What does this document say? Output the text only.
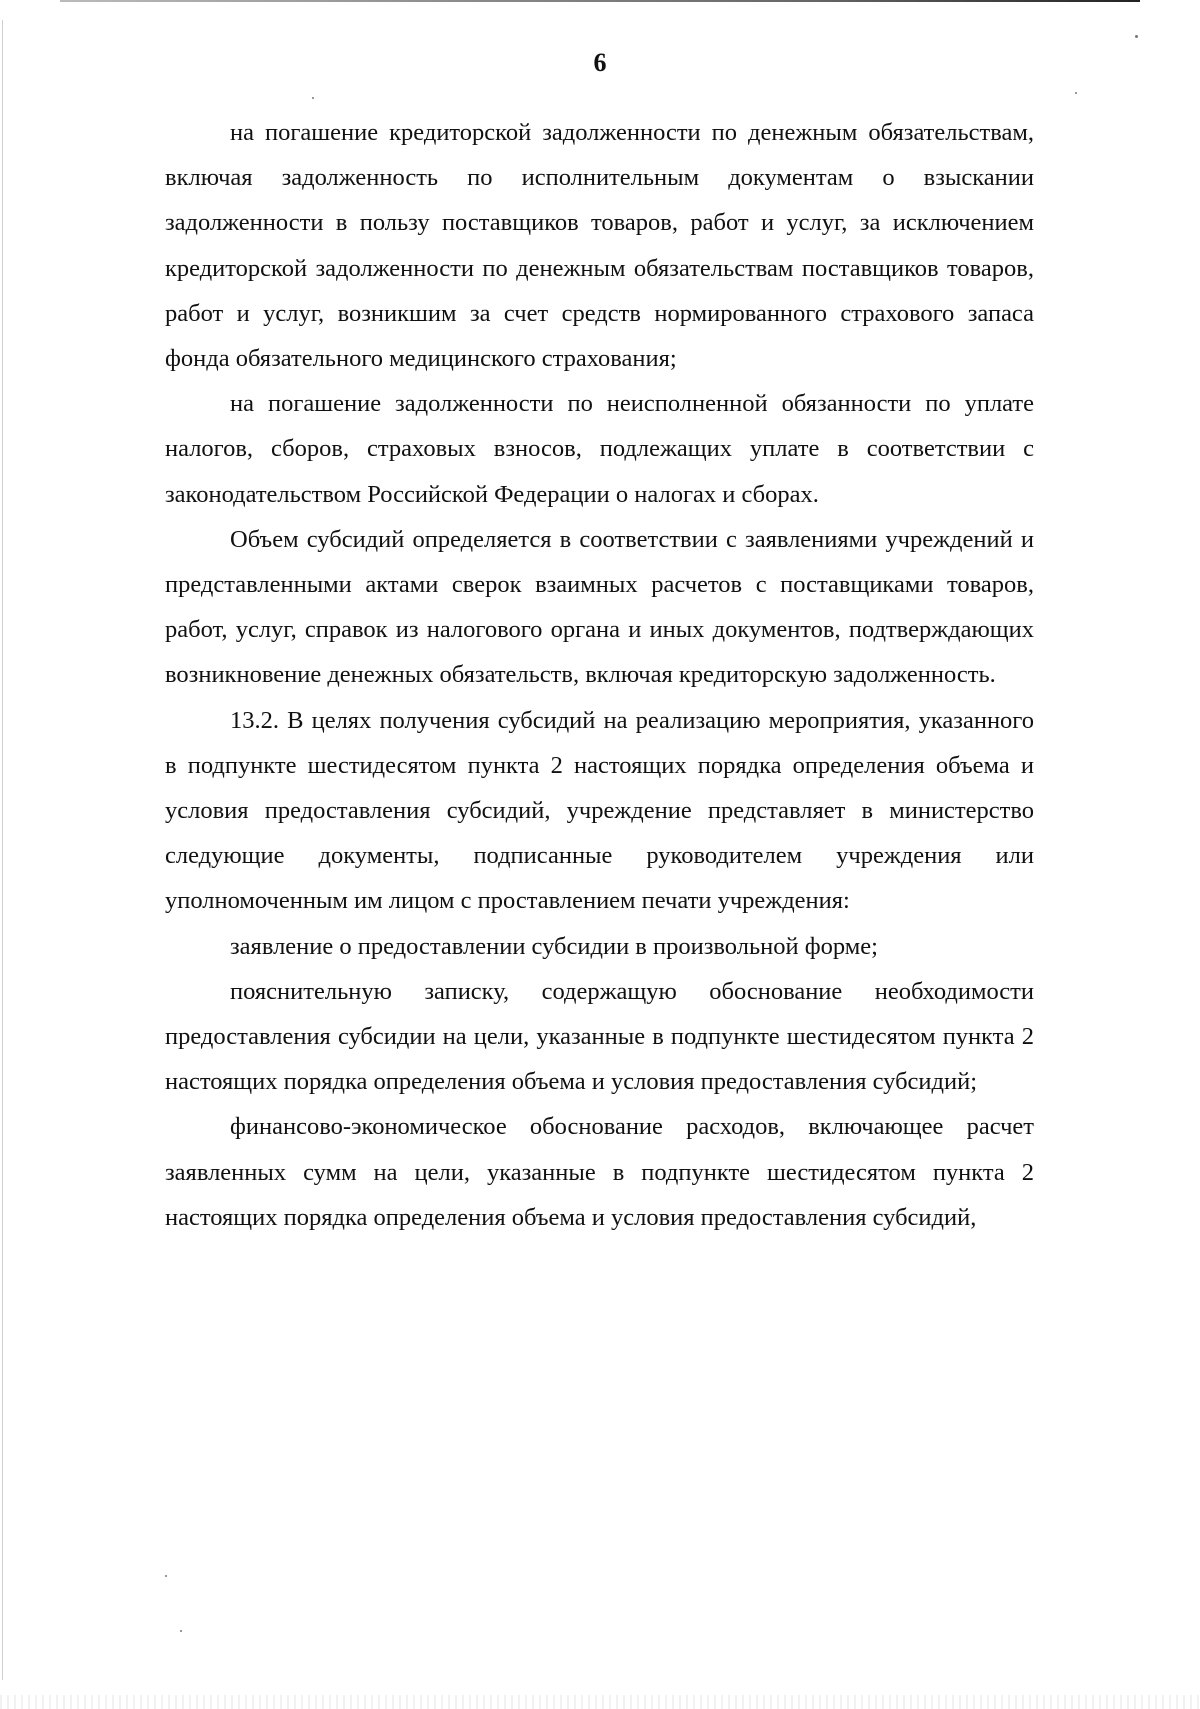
6

на погашение кредиторской задолженности по денежным обязательствам, включая задолженность по исполнительным документам о взыскании задолженности в пользу поставщиков товаров, работ и услуг, за исключением кредиторской задолженности по денежным обязательствам поставщиков товаров, работ и услуг, возникшим за счет средств нормированного страхового запаса фонда обязательного медицинского страхования;

на погашение задолженности по неисполненной обязанности по уплате налогов, сборов, страховых взносов, подлежащих уплате в соответствии с законодательством Российской Федерации о налогах и сборах.

Объем субсидий определяется в соответствии с заявлениями учреждений и представленными актами сверок взаимных расчетов с поставщиками товаров, работ, услуг, справок из налогового органа и иных документов, подтверждающих возникновение денежных обязательств, включая кредиторскую задолженность.

13.2. В целях получения субсидий на реализацию мероприятия, указанного в подпункте шестидесятом пункта 2 настоящих порядка определения объема и условия предоставления субсидий, учреждение представляет в министерство следующие документы, подписанные руководителем учреждения или уполномоченным им лицом с проставлением печати учреждения:

заявление о предоставлении субсидии в произвольной форме;

пояснительную записку, содержащую обоснование необходимости предоставления субсидии на цели, указанные в подпункте шестидесятом пункта 2 настоящих порядка определения объема и условия предоставления субсидий;

финансово-экономическое обоснование расходов, включающее расчет заявленных сумм на цели, указанные в подпункте шестидесятом пункта 2 настоящих порядка определения объема и условия предоставления субсидий,
